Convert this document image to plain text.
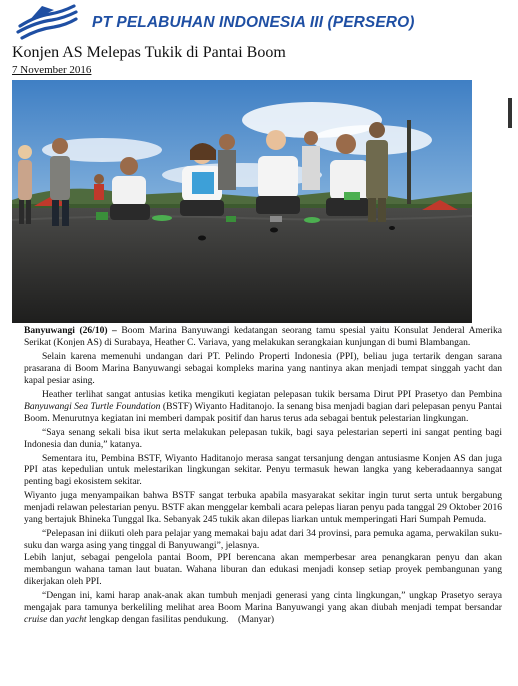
PT PELABUHAN INDONESIA III (PERSERO)
Konjen AS Melepas Tukik di Pantai Boom
7 November 2016

Banyuwangi (26/10) – Boom Marina Banyuwangi kedatangan seorang tamu spesial yaitu Konsulat Jenderal Amerika Serikat (Konjen AS) di Surabaya, Heather C. Variava, yang melakukan serangkaian kunjungan di bumi Blambangan.

Selain karena memenuhi undangan dari PT. Pelindo Properti Indonesia (PPI), beliau juga tertarik dengan sarana prasarana di Boom Marina Banyuwangi sebagai kompleks marina yang nantinya akan menjadi tempat singgah yacht dan kapal pesiar asing.

Heather terlihat sangat antusias ketika mengikuti kegiatan pelepasan tukik bersama Dirut PPI Prasetyo dan Pembina Banyuwangi Sea Turtle Foundation (BSTF) Wiyanto Haditanojo. Ia senang bisa menjadi bagian dari pelepasan penyu Pantai Boom. Menurutnya kegiatan ini memberi dampak positif dan harus terus ada sebagai bentuk pelestarian lingkungan.

“Saya senang sekali bisa ikut serta melakukan pelepasan tukik, bagi saya pelestarian seperti ini sangat penting bagi Indonesia dan dunia,” katanya.

Sementara itu, Pembina BSTF, Wiyanto Haditanojo merasa sangat tersanjung dengan antusiasme Konjen AS dan juga PPI atas kepedulian untuk melestarikan lingkungan sekitar. Penyu termasuk hewan langka yang keberadaannya sangat penting bagi ekosistem sekitar.

Wiyanto juga menyampaikan bahwa BSTF sangat terbuka apabila masyarakat sekitar ingin turut serta untuk bergabung menjadi relawan pelestarian penyu. BSTF akan menggelar kembali acara pelepas liaran penyu pada tanggal 29 Oktober 2016 yang bertajuk Bhineka Tunggal Ika. Sebanyak 245 tukik akan dilepas liarkan untuk memperingati Hari Sumpah Pemuda.

“Pelepasan ini diikuti oleh para pelajar yang memakai baju adat dari 34 provinsi, para pemuka agama, perwakilan suku-suku dan warga asing yang tinggal di Banyuwangi”, jelasnya.

Lebih lanjut, sebagai pengelola pantai Boom, PPI berencana akan memperbesar area penangkaran penyu dan akan membangun wahana taman laut buatan. Wahana liburan dan edukasi menjadi konsep setiap proyek pembangunan yang dikerjakan oleh PPI.

“Dengan ini, kami harap anak-anak akan tumbuh menjadi generasi yang cinta lingkungan,” ungkap Prasetyo seraya mengajak para tamunya berkeliling melihat area Boom Marina Banyuwangi yang akan diubah menjadi tempat bersandar cruise dan yacht lengkap dengan fasilitas pendukung. (Manyar)
